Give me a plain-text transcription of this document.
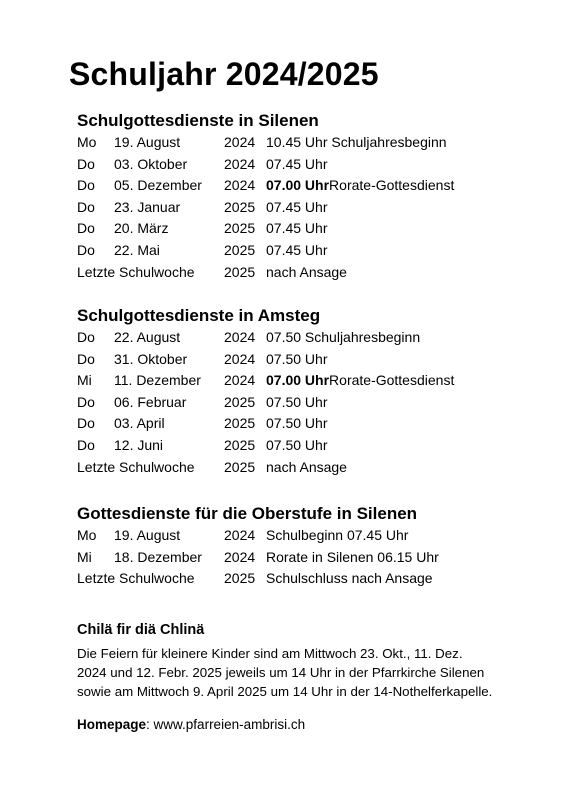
Schuljahr 2024/2025
Schulgottesdienste in Silenen
Mo 19. August	2024 10.45 Uhr Schuljahresbeginn
Do 03. Oktober	2024 07.45 Uhr
Do 05. Dezember 2024 07.00 Uhr Rorate-Gottesdienst
Do 23. Januar	2025 07.45 Uhr
Do 20. März	2025 07.45 Uhr
Do 22. Mai	2025 07.45 Uhr
Letzte Schulwoche 2025 nach Ansage
Schulgottesdienste in Amsteg
Do 22. August	2024 07.50 Schuljahresbeginn
Do 31. Oktober	2024 07.50 Uhr
Mi 11. Dezember 2024 07.00 Uhr Rorate-Gottesdienst
Do 06. Februar	2025 07.50 Uhr
Do 03. April	2025 07.50 Uhr
Do 12. Juni	2025 07.50 Uhr
Letzte Schulwoche 2025 nach Ansage
Gottesdienste für die Oberstufe in Silenen
Mo 19. August	2024 Schulbeginn 07.45 Uhr
Mi 18. Dezember 2024 Rorate in Silenen 06.15 Uhr
Letzte Schulwoche 2025 Schulschluss nach Ansage
Chilä fir diä Chlinä

Die Feiern für kleinere Kinder sind am Mittwoch 23. Okt., 11. Dez.
2024 und 12. Febr. 2025 jeweils um 14 Uhr in der Pfarrkirche Silenen
sowie am Mittwoch 9. April 2025 um 14 Uhr in der 14-Nothelferkapelle.

Homepage: www.pfarreien-ambrisi.ch
